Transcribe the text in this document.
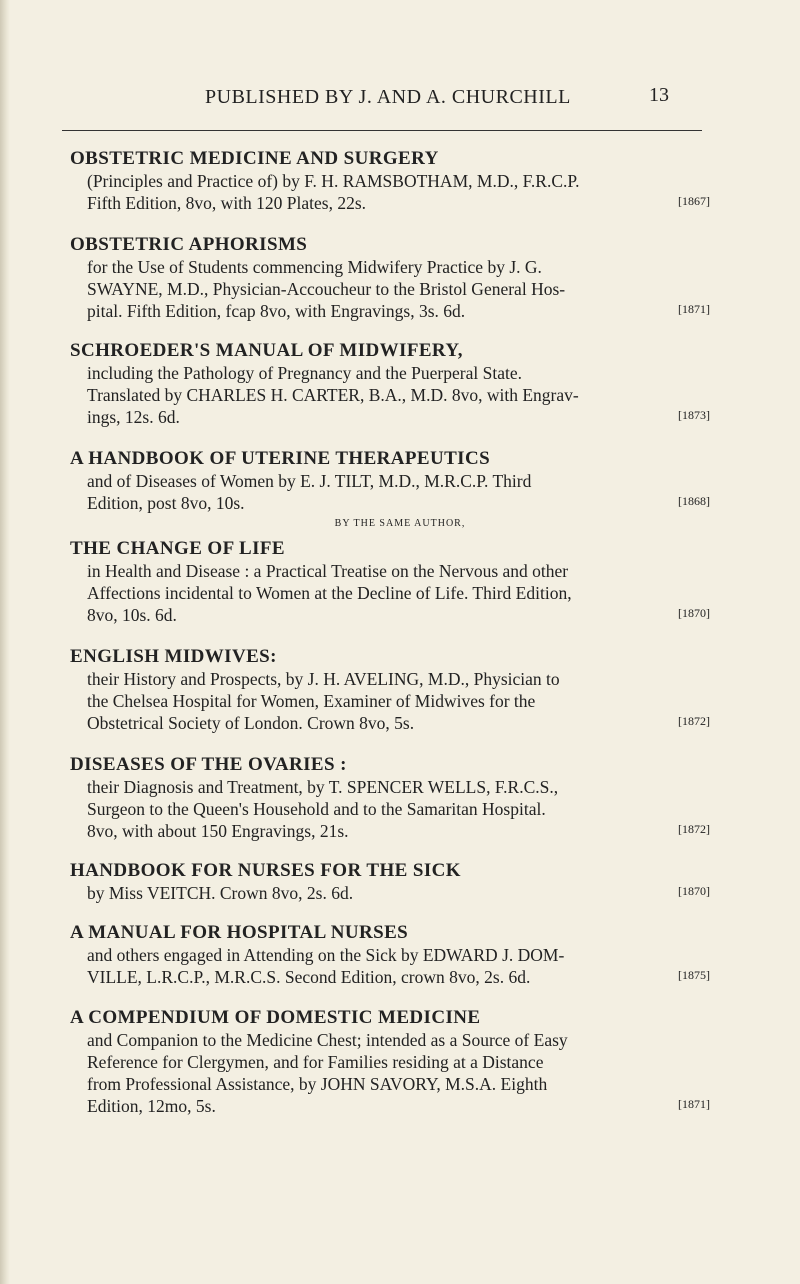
PUBLISHED BY J. AND A. CHURCHILL	13
OBSTETRIC MEDICINE AND SURGERY
(Principles and Practice of) by F. H. RAMSBOTHAM, M.D., F.R.C.P.
Fifth Edition, 8vo, with 120 Plates, 22s.	[1867]
OBSTETRIC APHORISMS
for the Use of Students commencing Midwifery Practice by J. G.
SWAYNE, M.D., Physician-Accoucheur to the Bristol General Hos-
pital. Fifth Edition, fcap 8vo, with Engravings, 3s. 6d.	[1871]
SCHROEDER'S MANUAL OF MIDWIFERY,
including the Pathology of Pregnancy and the Puerperal State.
Translated by CHARLES H. CARTER, B.A., M.D. 8vo, with Engrav-
ings, 12s. 6d.	[1873]
A HANDBOOK OF UTERINE THERAPEUTICS
and of Diseases of Women by E. J. TILT, M.D., M.R.C.P. Third
Edition, post 8vo, 10s.	[1868]
BY THE SAME AUTHOR,
THE CHANGE OF LIFE
in Health and Disease : a Practical Treatise on the Nervous and other
Affections incidental to Women at the Decline of Life. Third Edition,
8vo, 10s. 6d.	[1870]
ENGLISH MIDWIVES:
their History and Prospects, by J. H. AVELING, M.D., Physician to
the Chelsea Hospital for Women, Examiner of Midwives for the
Obstetrical Society of London. Crown 8vo, 5s.	[1872]
DISEASES OF THE OVARIES :
their Diagnosis and Treatment, by T. SPENCER WELLS, F.R.C.S.,
Surgeon to the Queen's Household and to the Samaritan Hospital.
8vo, with about 150 Engravings, 21s.	[1872]
HANDBOOK FOR NURSES FOR THE SICK
by Miss VEITCH. Crown 8vo, 2s. 6d.	[1870]
A MANUAL FOR HOSPITAL NURSES
and others engaged in Attending on the Sick by EDWARD J. DOM-
VILLE, L.R.C.P., M.R.C.S. Second Edition, crown 8vo, 2s. 6d.	[1875]
A COMPENDIUM OF DOMESTIC MEDICINE
and Companion to the Medicine Chest; intended as a Source of Easy
Reference for Clergymen, and for Families residing at a Distance
from Professional Assistance, by JOHN SAVORY, M.S.A. Eighth
Edition, 12mo, 5s.	[1871]
